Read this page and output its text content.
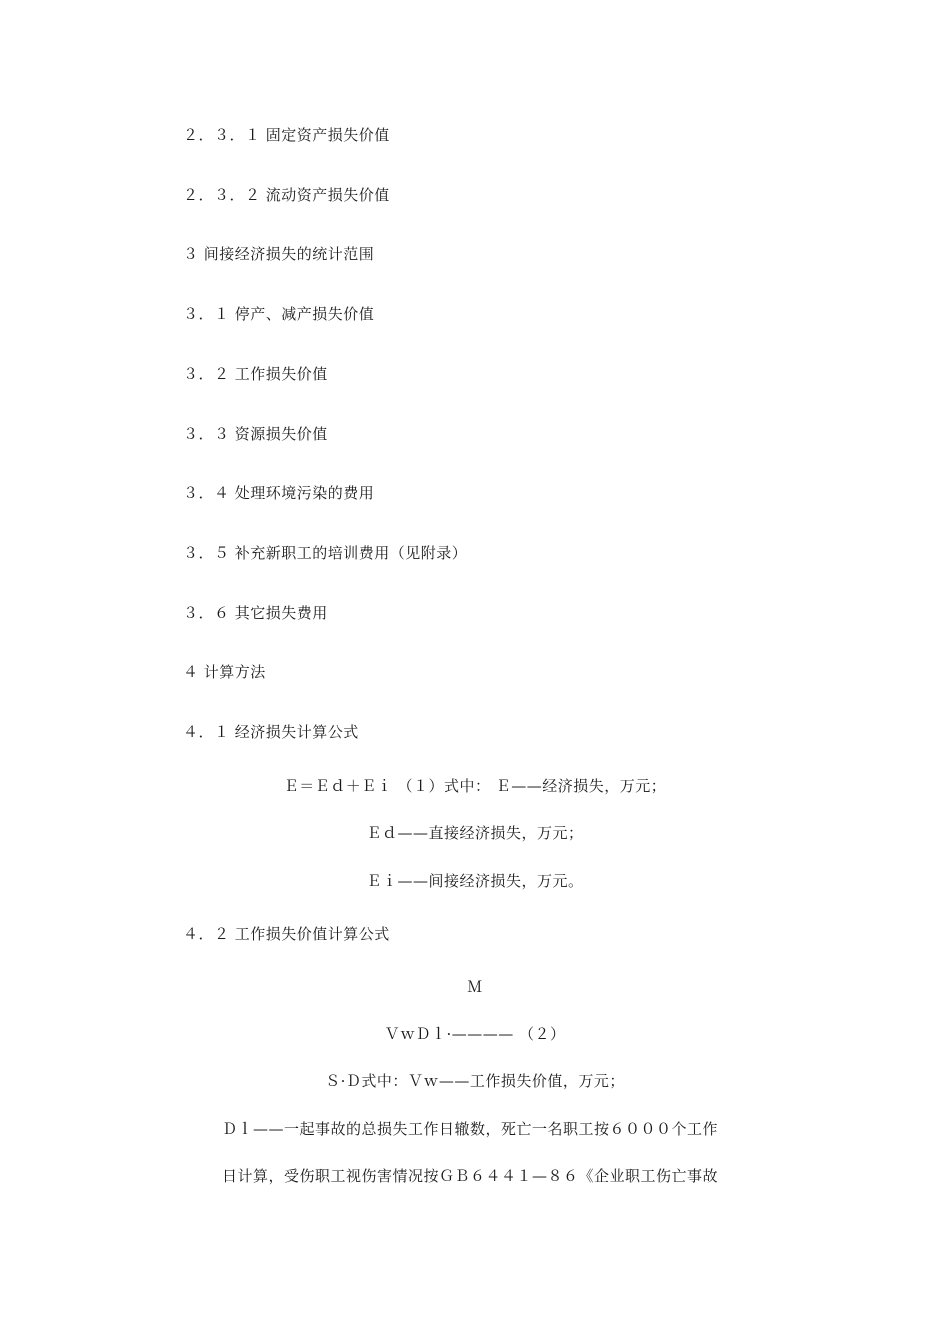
２．３．１ 固定资产损失价值
２．３．２ 流动资产损失价值
３ 间接经济损失的统计范围
３．１ 停产、减产损失价值
３．２ 工作损失价值
３．３ 资源损失价值
３．４ 处理环境污染的费用
３．５ 补充新职工的培训费用（见附录）
３．６ 其它损失费用
４ 计算方法
４．１ 经济损失计算公式
Ｅ＝Ｅｄ＋Ｅｉ （１）式中： Ｅ——经济损失，万元；
Ｅｄ——直接经济损失，万元；
Ｅｉ——间接经济损失，万元。
４．２ 工作损失价值计算公式
Ｍ
ＶｗＤｌ·———— （２）
Ｓ·Ｄ式中：Ｖｗ——工作损失价值，万元；
Ｄｌ——一起事故的总损失工作日辙数，死亡一名职工按６０００个工作
日计算，受伤职工视伤害情况按ＧＢ６４４１—８６《企业职工伤亡事故
